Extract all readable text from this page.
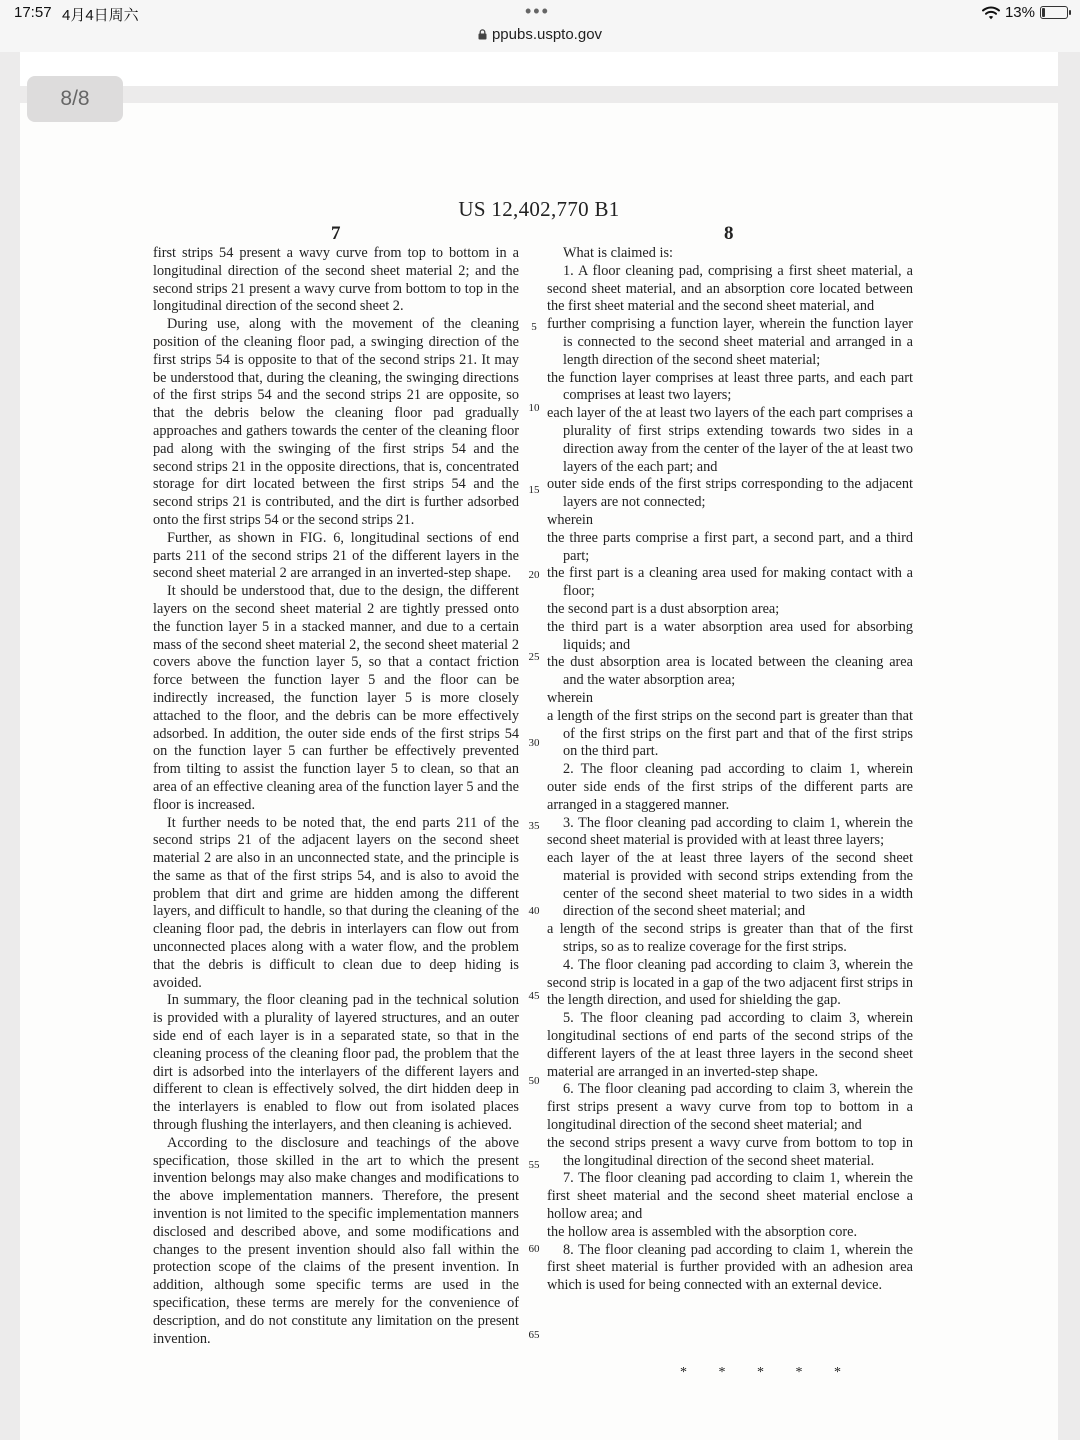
17:57 4月4日周六	•••
ppubs.uspto.gov
13%
8/8
US 12,402,770 B1
7	8

first strips 54 present a wavy curve from top to bottom in a longitudinal direction of the second sheet material 2; and the second strips 21 present a wavy curve from bottom to top in the longitudinal direction of the second sheet 2.

During use, along with the movement of the cleaning position of the cleaning floor pad, a swinging direction of the first strips 54 is opposite to that of the second strips 21. It may be understood that, during the cleaning, the swinging directions of the first strips 54 and the second strips 21 are opposite, so that the debris below the cleaning floor pad gradually approaches and gathers towards the center of the cleaning floor pad along with the swinging of the first strips 54 and the second strips 21 in the opposite directions, that is, concentrated storage for dirt located between the first strips 54 and the second strips 21 is contributed, and the dirt is further adsorbed onto the first strips 54 or the second strips 21.

Further, as shown in FIG. 6, longitudinal sections of end parts 211 of the second strips 21 of the different layers in the second sheet material 2 are arranged in an inverted-step shape.

It should be understood that, due to the design, the different layers on the second sheet material 2 are tightly pressed onto the function layer 5 in a stacked manner, and due to a certain mass of the second sheet material 2, the second sheet material 2 covers above the function layer 5, so that a contact friction force between the function layer 5 and the floor can be indirectly increased, the function layer 5 is more closely attached to the floor, and the debris can be more effectively adsorbed. In addition, the outer side ends of the first strips 54 on the function layer 5 can further be effectively prevented from tilting to assist the function layer 5 to clean, so that an area of an effective cleaning area of the function layer 5 and the floor is increased.

It further needs to be noted that, the end parts 211 of the second strips 21 of the adjacent layers on the second sheet material 2 are also in an unconnected state, and the principle is the same as that of the first strips 54, and is also to avoid the problem that dirt and grime are hidden among the different layers, and difficult to handle, so that during the cleaning of the cleaning floor pad, the debris in interlayers can flow out from unconnected places along with a water flow, and the problem that the debris is difficult to clean due to deep hiding is avoided.

In summary, the floor cleaning pad in the technical solution is provided with a plurality of layered structures, and an outer side end of each layer is in a separated state, so that in the cleaning process of the cleaning floor pad, the problem that the dirt is adsorbed into the interlayers of the different layers and different to clean is effectively solved, the dirt hidden deep in the interlayers is enabled to flow out from isolated places through flushing the interlayers, and then cleaning is achieved.

According to the disclosure and teachings of the above specification, those skilled in the art to which the present invention belongs may also make changes and modifications to the above implementation manners. Therefore, the present invention is not limited to the specific implementation manners disclosed and described above, and some modifications and changes to the present invention should also fall within the protection scope of the claims of the present invention. In addition, although some specific terms are used in the specification, these terms are merely for the convenience of description, and do not constitute any limitation on the present invention.

5
10
15
20
25
30
35
40
45
50
55
60
65

What is claimed is:

1. A floor cleaning pad, comprising a first sheet material, a second sheet material, and an absorption core located between the first sheet material and the second sheet material, and

further comprising a function layer, wherein the function layer is connected to the second sheet material and arranged in a length direction of the second sheet material;

the function layer comprises at least three parts, and each part comprises at least two layers;

each layer of the at least two layers of the each part comprises a plurality of first strips extending towards two sides in a direction away from the center of the layer of the at least two layers of the each part; and

outer side ends of the first strips corresponding to the adjacent layers are not connected;

wherein

the three parts comprise a first part, a second part, and a third part;

the first part is a cleaning area used for making contact with a floor;

the second part is a dust absorption area;

the third part is a water absorption area used for absorbing liquids; and

the dust absorption area is located between the cleaning area and the water absorption area;

wherein

a length of the first strips on the second part is greater than that of the first strips on the first part and that of the first strips on the third part.

2. The floor cleaning pad according to claim 1, wherein outer side ends of the first strips of the different parts are arranged in a staggered manner.

3. The floor cleaning pad according to claim 1, wherein the second sheet material is provided with at least three layers;

each layer of the at least three layers of the second sheet material is provided with second strips extending from the center of the second sheet material to two sides in a width direction of the second sheet material; and

a length of the second strips is greater than that of the first strips, so as to realize coverage for the first strips.

4. The floor cleaning pad according to claim 3, wherein the second strip is located in a gap of the two adjacent first strips in the length direction, and used for shielding the gap.

5. The floor cleaning pad according to claim 3, wherein longitudinal sections of end parts of the second strips of the different layers of the at least three layers in the second sheet material are arranged in an inverted-step shape.

6. The floor cleaning pad according to claim 3, wherein the first strips present a wavy curve from top to bottom in a longitudinal direction of the second sheet material; and

the second strips present a wavy curve from bottom to top in the longitudinal direction of the second sheet material.

7. The floor cleaning pad according to claim 1, wherein the first sheet material and the second sheet material enclose a hollow area; and

the hollow area is assembled with the absorption core.

8. The floor cleaning pad according to claim 1, wherein the first sheet material is further provided with an adhesion area which is used for being connected with an external device.

* * * * *
